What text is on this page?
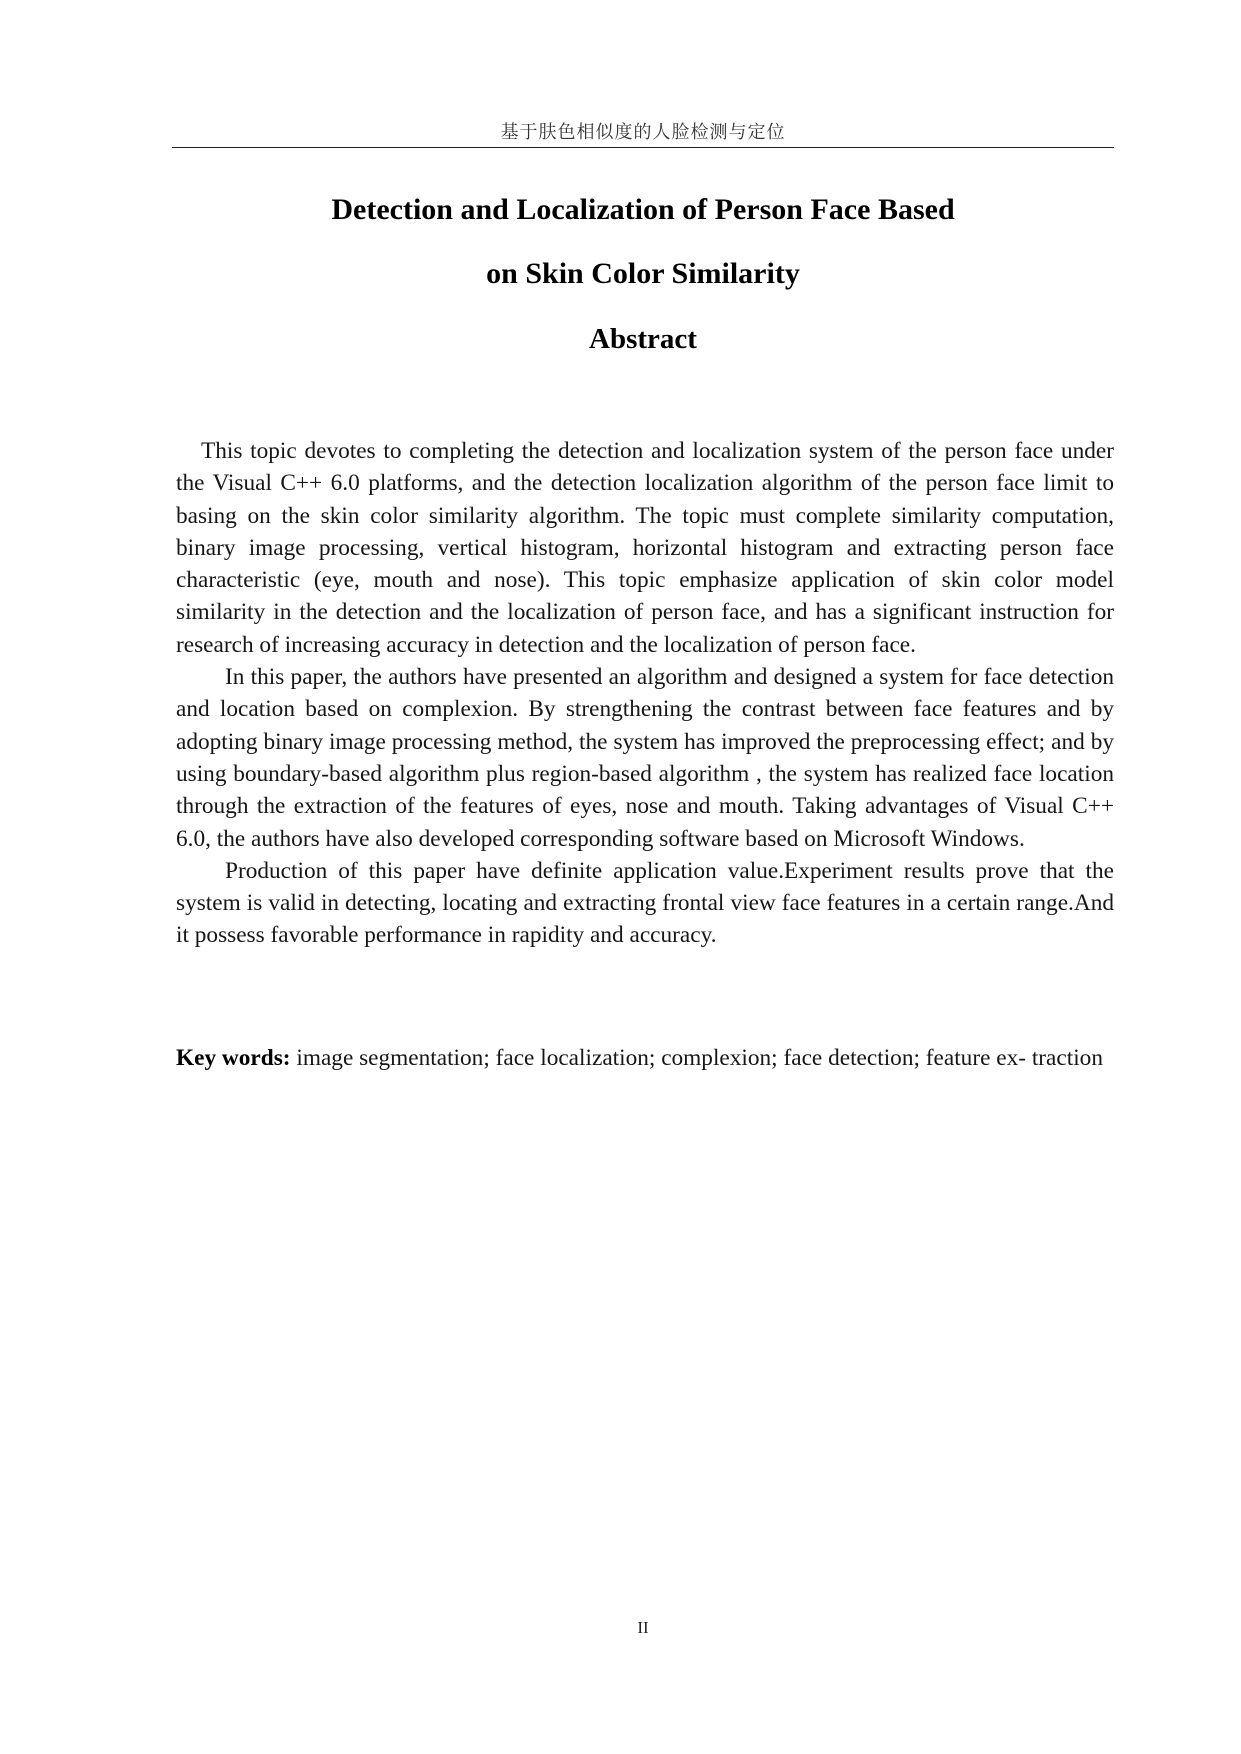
基于肤色相似度的人脸检测与定位
Detection and Localization of Person Face Based
on Skin Color Similarity
Abstract

This topic devotes to completing the detection and localization system of the person face under the Visual C++ 6.0 platforms, and the detection localization algorithm of the person face limit to basing on the skin color similarity algorithm. The topic must complete similarity computation, binary image processing, vertical histogram, horizontal histogram and extracting person face characteristic (eye, mouth and nose). This topic emphasize application of skin color model similarity in the detection and the localization of person face, and has a significant instruction for research of increasing accuracy in detection and the localization of person face.

In this paper, the authors have presented an algorithm and designed a system for face detection and location based on complexion. By strengthening the contrast between face features and by adopting binary image processing method, the system has improved the preprocessing effect; and by using boundary-based algorithm plus region-based algorithm , the system has realized face location through the extraction of the features of eyes, nose and mouth. Taking advantages of Visual C++ 6.0, the authors have also developed corresponding software based on Microsoft Windows.

Production of this paper have definite application value.Experiment results prove that the system is valid in detecting, locating and extracting frontal view face features in a certain range.And it possess favorable performance in rapidity and accuracy.

Key words: image segmentation; face localization; complexion; face detection; feature ex- traction
II
